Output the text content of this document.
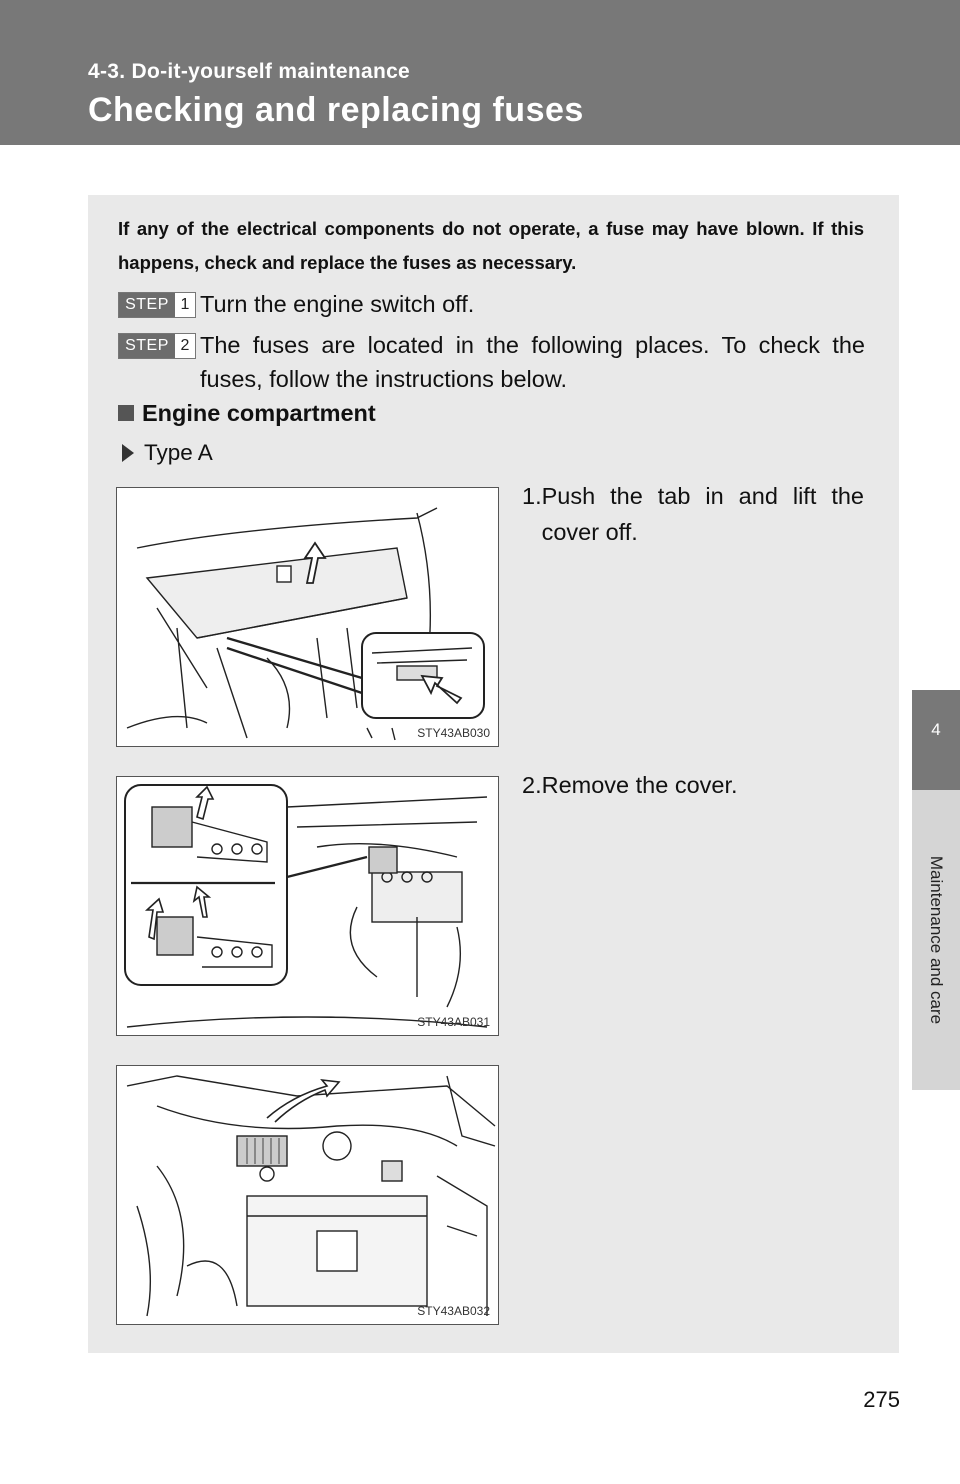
4-3. Do-it-yourself maintenance
Checking and replacing fuses
4
Maintenance and care
If any of the electrical components do not operate, a fuse may have blown. If this happens, check and replace the fuses as necessary.
STEP 1 Turn the engine switch off.
STEP 2 The fuses are located in the following places. To check the fuses, follow the instructions below.
Engine compartment
Type A
STY43AB030
1. Push the tab in and lift the cover off.
STY43AB031
2.Remove the cover.
STY43AB032
275
